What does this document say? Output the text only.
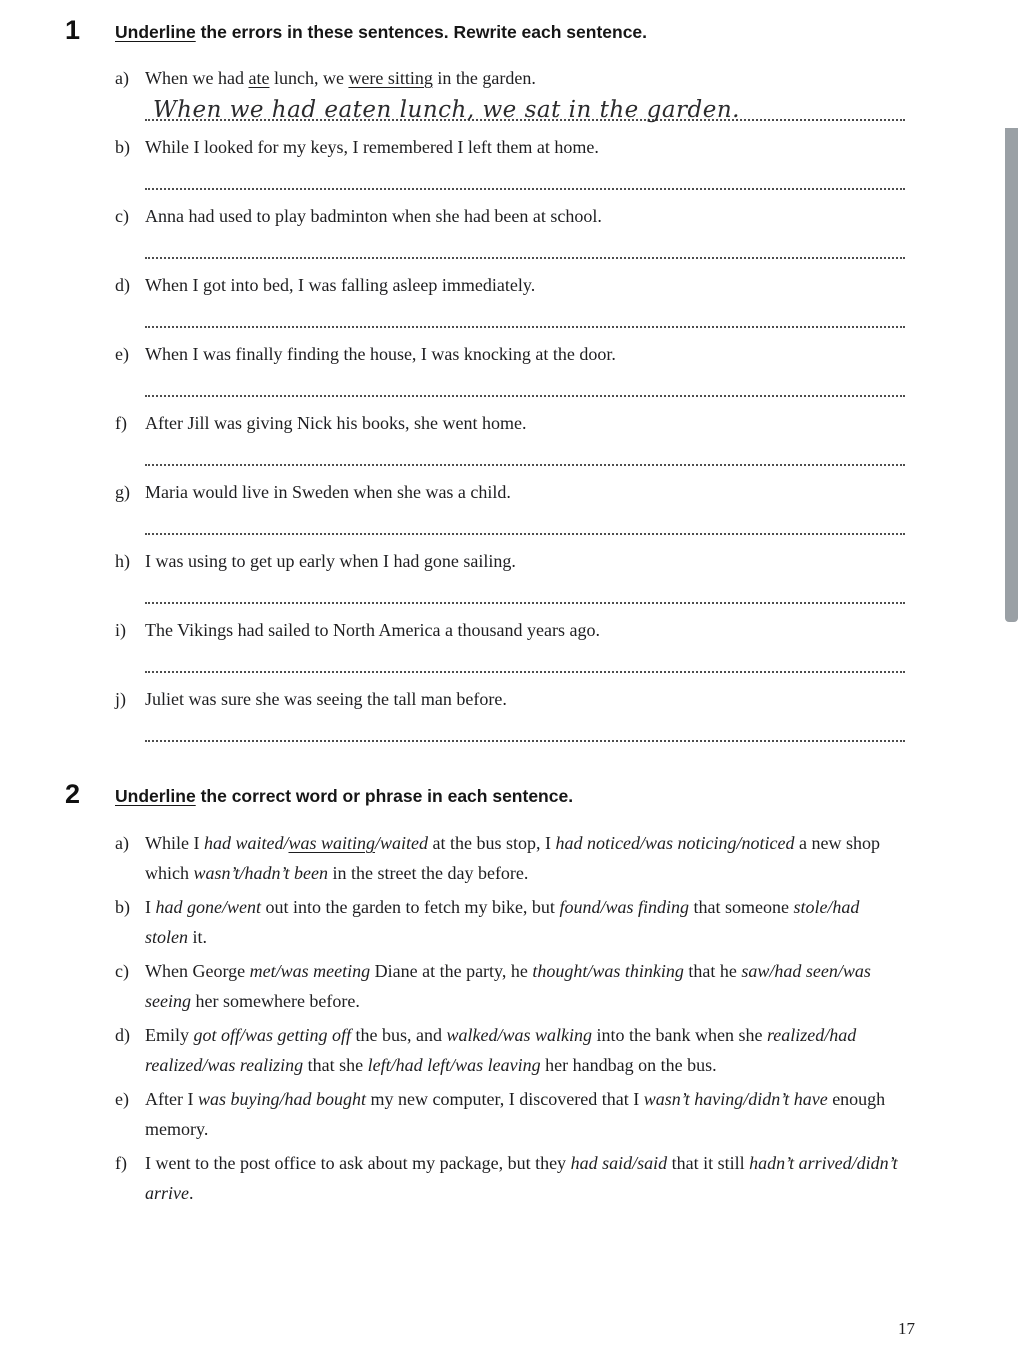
1	Underline the errors in these sentences. Rewrite each sentence.
a) When we had ate lunch, we were sitting in the garden.
When we had eaten lunch, we sat in the garden.
b) While I looked for my keys, I remembered I left them at home.
c) Anna had used to play badminton when she had been at school.
d) When I got into bed, I was falling asleep immediately.
e) When I was finally finding the house, I was knocking at the door.
f)	After Jill was giving Nick his books, she went home.
g) Maria would live in Sweden when she was a child.
h) I was using to get up early when I had gone sailing.
i)	The Vikings had sailed to North America a thousand years ago.
j)	Juliet was sure she was seeing the tall man before.
2	Underline the correct word or phrase in each sentence.
a) While I had waited/was waiting/waited at the bus stop, I had noticed/was noticing/noticed a new shop which wasn’t/hadn’t been in the street the day before.
b) I had gone/went out into the garden to fetch my bike, but found/was finding that someone stole/had stolen it.
c) When George met/was meeting Diane at the party, he thought/was thinking that he saw/had seen/was seeing her somewhere before.
d) Emily got off/was getting off the bus, and walked/was walking into the bank when she realized/had realized/was realizing that she left/had left/was leaving her handbag on the bus.
e) After I was buying/had bought my new computer, I discovered that I wasn’t having/didn’t have enough memory.
f)	I went to the post office to ask about my package, but they had said/said that it still hadn’t arrived/didn’t arrive.
17
